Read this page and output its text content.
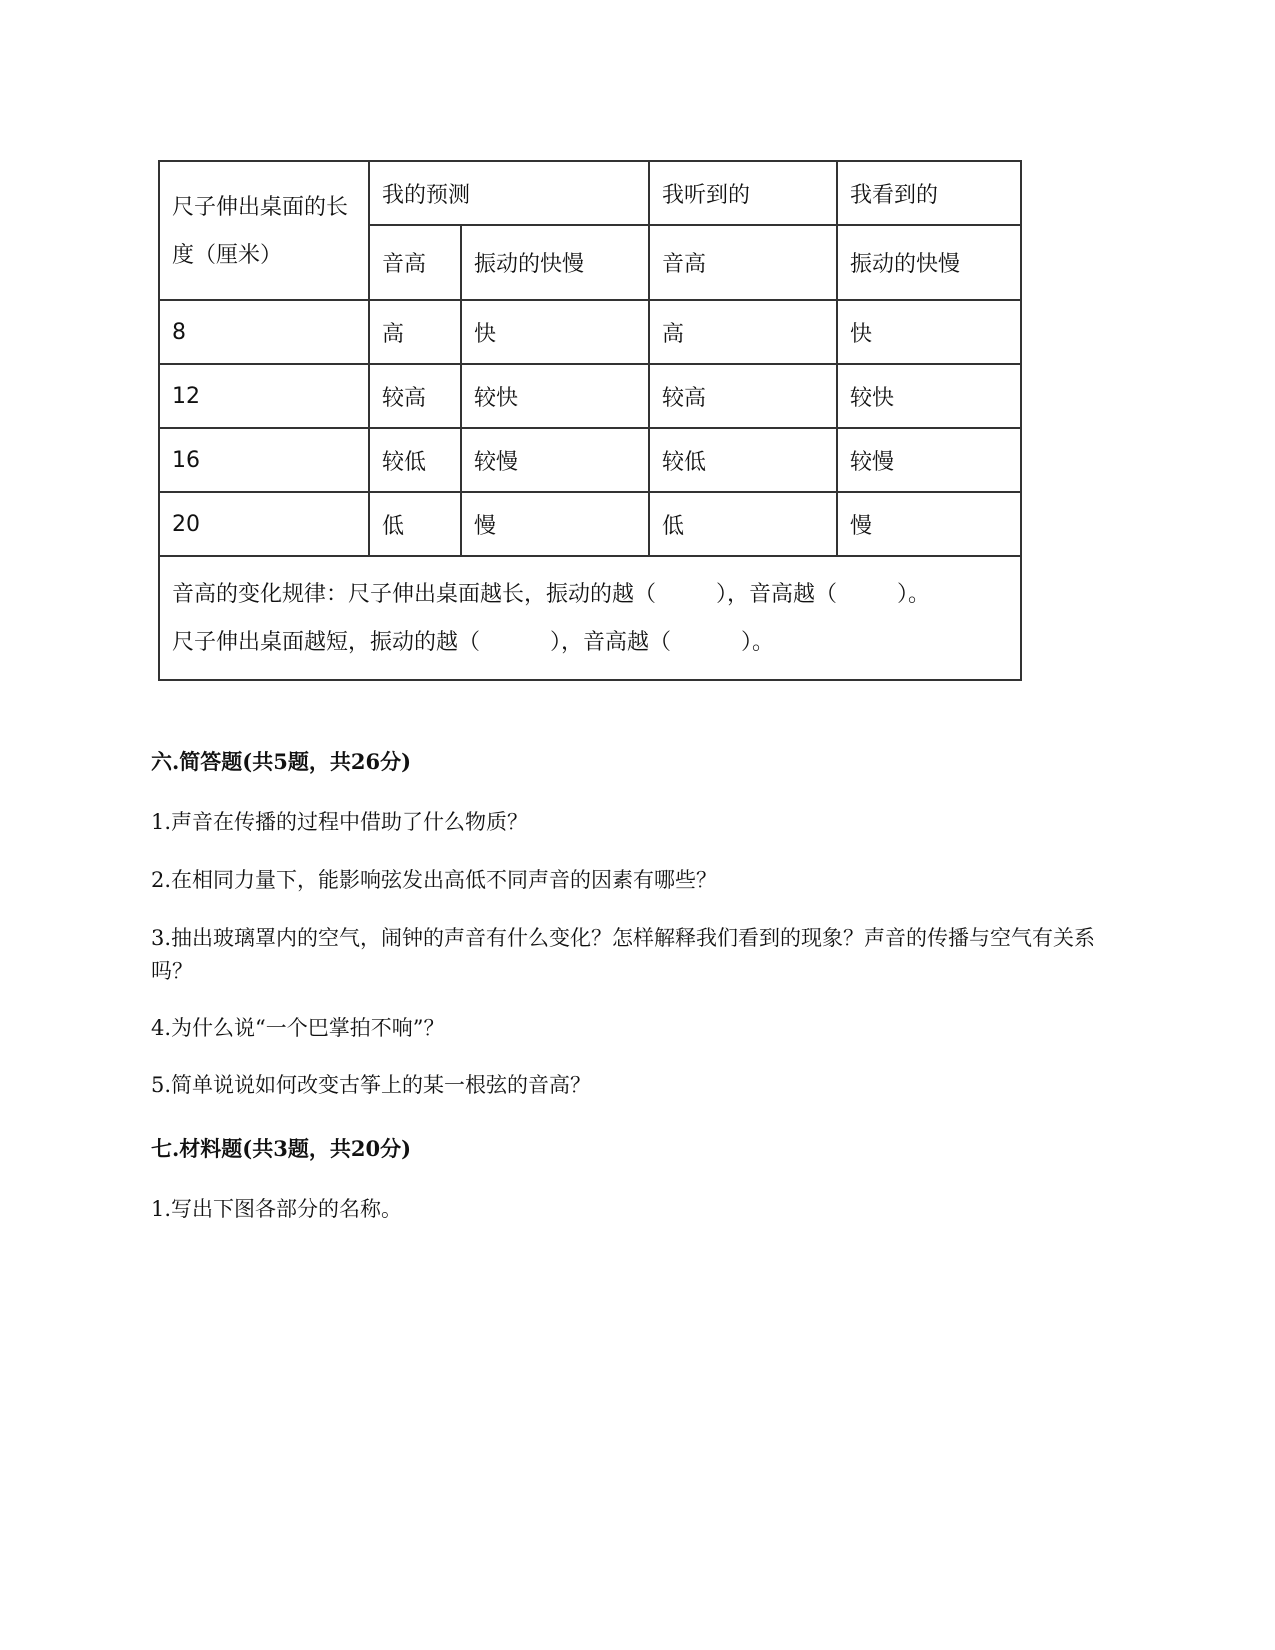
尺子伸出桌面的长度（厘米）	我的预测		我听到的	我看到的
	音高	振动的快慢	音高	振动的快慢
8	高	快	高	快
12	较高	较快	较高	较快
16	较低	较慢	较低	较慢
20	低	慢	低	慢

音高的变化规律：尺子伸出桌面越长，振动的越（ ），音高越（ ）。
尺子伸出桌面越短，振动的越（ ），音高越（ ）。				
六.简答题(共5题，共26分)
1.声音在传播的过程中借助了什么物质？
2.在相同力量下，能影响弦发出高低不同声音的因素有哪些？
3.抽出玻璃罩内的空气，闹钟的声音有什么变化？怎样解释我们看到的现象？声音的传播与空气有关系吗？
4.为什么说“一个巴掌拍不响”？
5.简单说说如何改变古筝上的某一根弦的音高？
七.材料题(共3题，共20分)
1.写出下图各部分的名称。
